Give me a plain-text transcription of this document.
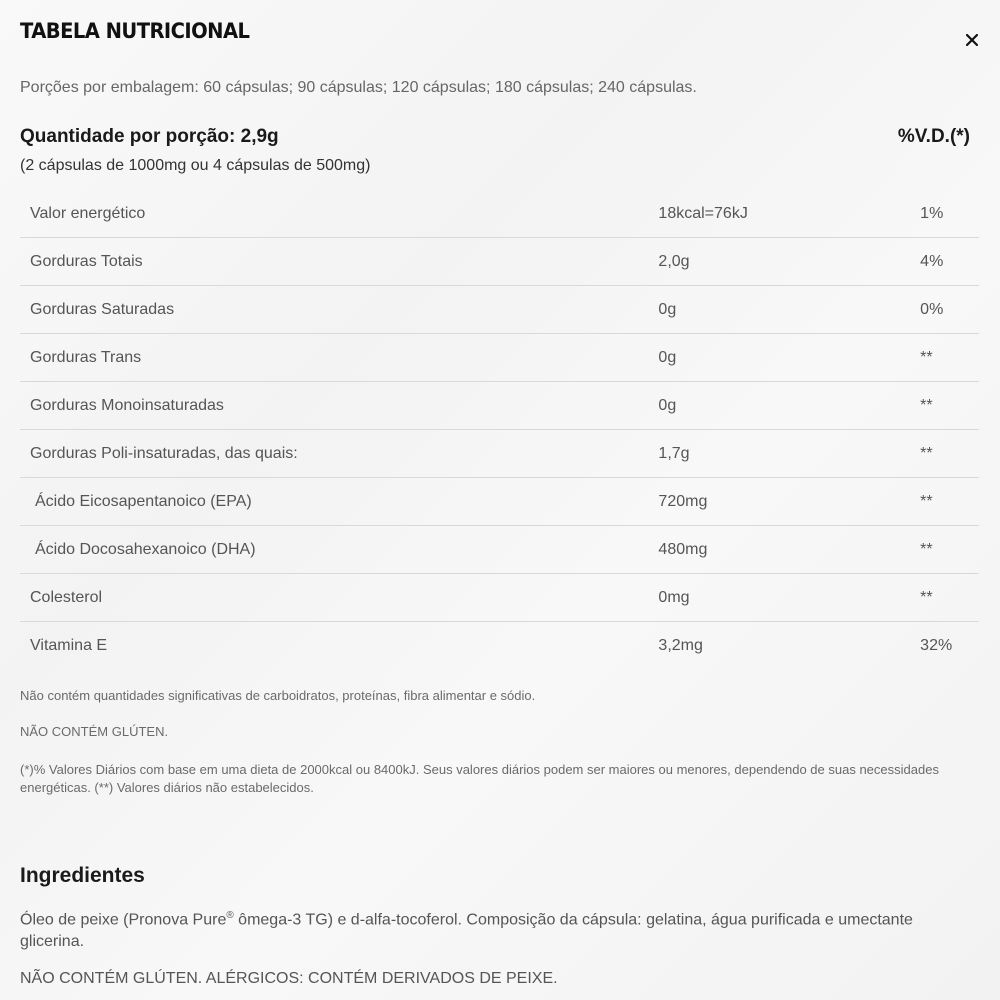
TABELA NUTRICIONAL
Porções por embalagem: 60 cápsulas; 90 cápsulas; 120 cápsulas; 180 cápsulas; 240 cápsulas.
Quantidade por porção: 2,9g	%V.D.(*)
(2 cápsulas de 1000mg ou 4 cápsulas de 500mg)
Valor energético	18kcal=76kJ	1%
Gorduras Totais	2,0g	4%
Gorduras Saturadas	0g	0%
Gorduras Trans	0g	**
Gorduras Monoinsaturadas	0g	**
Gorduras Poli-insaturadas, das quais:	1,7g	**
Ácido Eicosapentanoico (EPA)	720mg	**
Ácido Docosahexanoico (DHA)	480mg	**
Colesterol	0mg	**
Vitamina E	3,2mg	32%
Não contém quantidades significativas de carboidratos, proteínas, fibra alimentar e sódio.
NÃO CONTÉM GLÚTEN.
(*)% Valores Diários com base em uma dieta de 2000kcal ou 8400kJ. Seus valores diários podem ser maiores ou menores, dependendo de suas necessidades energéticas. (**) Valores diários não estabelecidos.
Ingredientes
Óleo de peixe (Pronova Pure® ômega-3 TG) e d-alfa-tocoferol. Composição da cápsula: gelatina, água purificada e umectante glicerina.
NÃO CONTÉM GLÚTEN. ALÉRGICOS: CONTÉM DERIVADOS DE PEIXE.
